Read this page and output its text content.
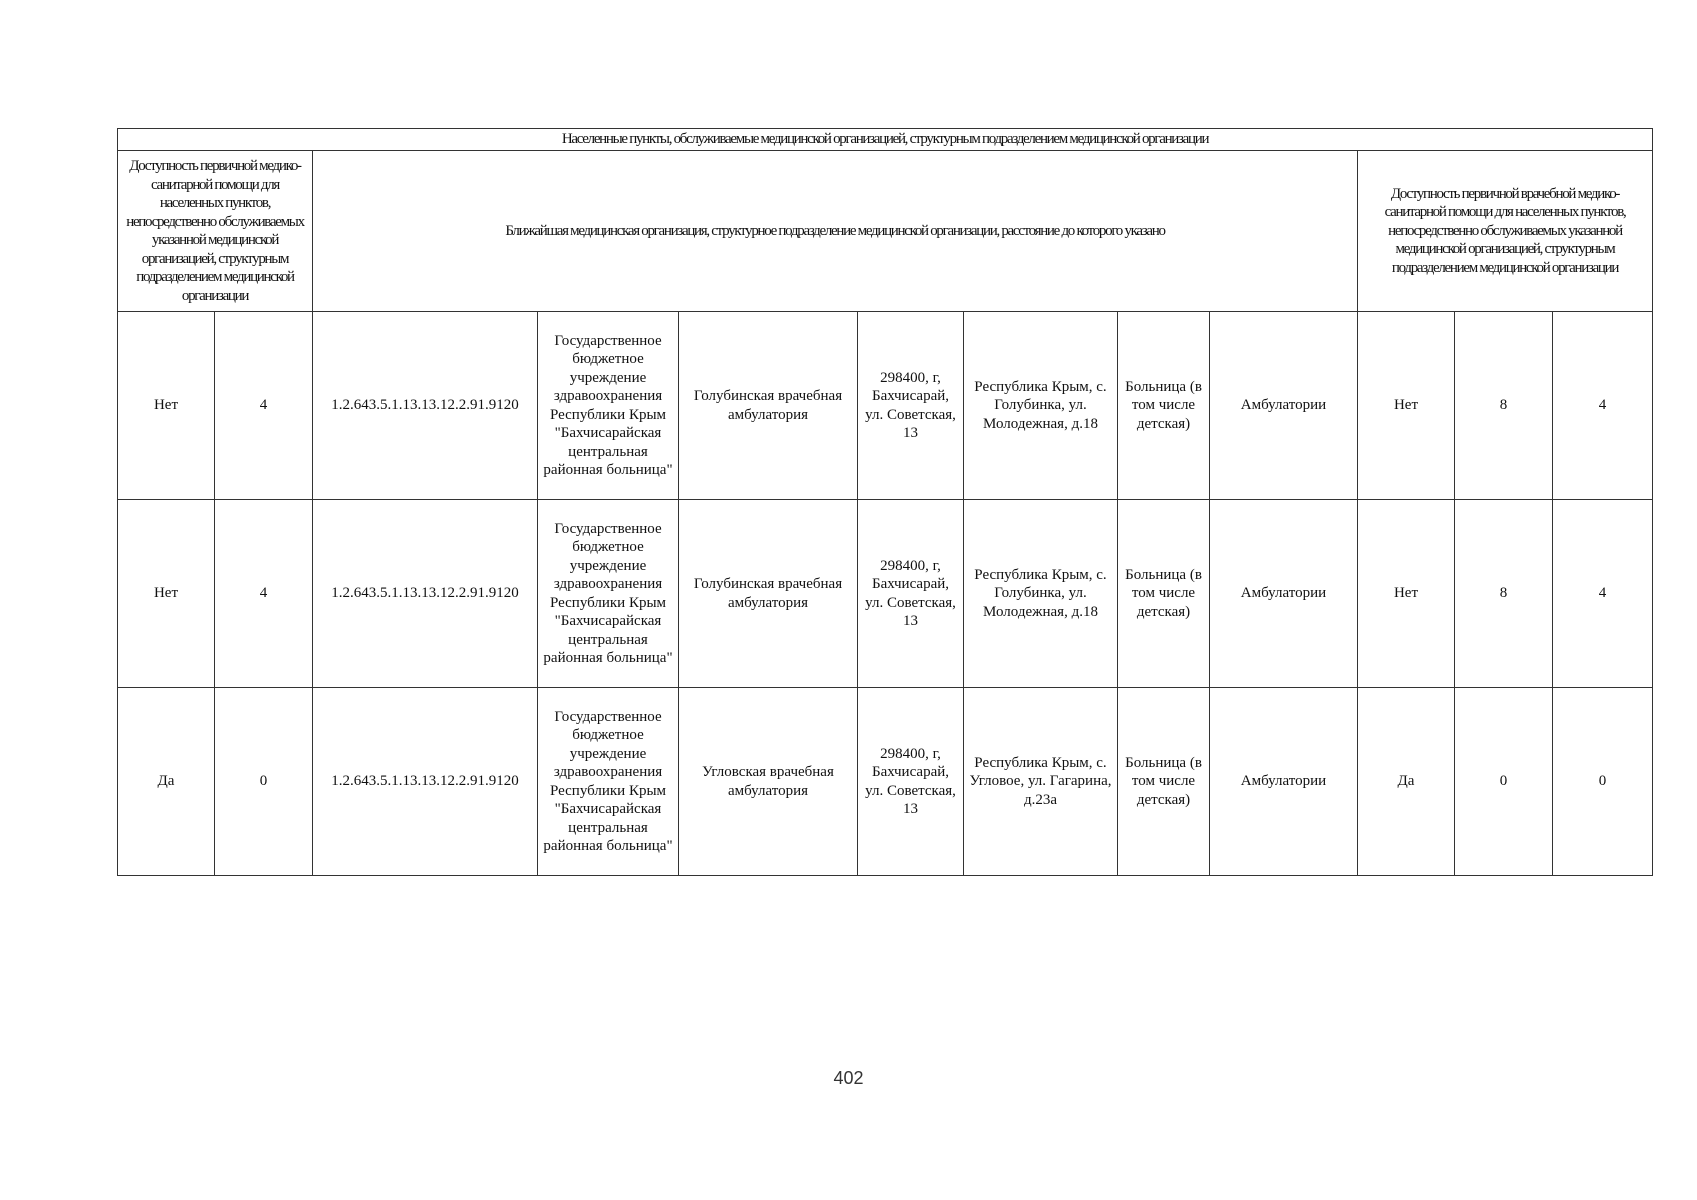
Населенные пункты, обслуживаемые медицинской организацией, структурным подразделением медицинской организации											
Доступность первичной медико-санитарной помощи для населенных пунктов, непосредственно обслуживаемых указанной медицинской организацией, структурным подразделением медицинской организации		Ближайшая медицинская организация, структурное подразделение медицинской организации, расстояние до которого указано							Доступность первичной врачебной медико-санитарной помощи для населенных пунктов, непосредственно обслуживаемых указанной медицинской организацией, структурным подразделением медицинской организации		
Нет	4	1.2.643.5.1.13.13.12.2.91.9120	Государственное бюджетное учреждение здравоохранения Республики Крым "Бахчисарайская центральная районная больница"	Голубинская врачебная амбулатория	298400, г, Бахчисарай, ул. Советская, 13	Республика Крым, с. Голубинка, ул. Молодежная, д.18	Больница (в том числе детская)	Амбулатории	Нет	8	4
Нет	4	1.2.643.5.1.13.13.12.2.91.9120	Государственное бюджетное учреждение здравоохранения Республики Крым "Бахчисарайская центральная районная больница"	Голубинская врачебная амбулатория	298400, г, Бахчисарай, ул. Советская, 13	Республика Крым, с. Голубинка, ул. Молодежная, д.18	Больница (в том числе детская)	Амбулатории	Нет	8	4
Да	0	1.2.643.5.1.13.13.12.2.91.9120	Государственное бюджетное учреждение здравоохранения Республики Крым "Бахчисарайская центральная районная больница"	Угловская врачебная амбулатория	298400, г, Бахчисарай, ул. Советская, 13	Республика Крым, с. Угловое, ул. Гагарина, д.23а	Больница (в том числе детская)	Амбулатории	Да	0	0
402
